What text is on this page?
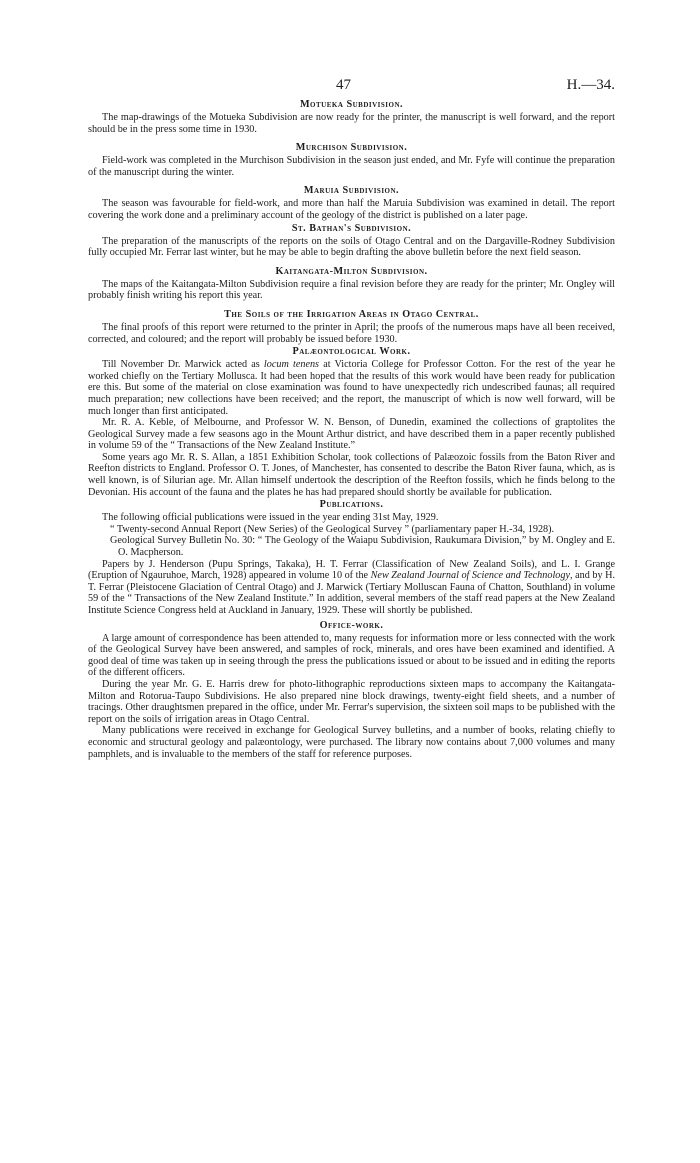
47	H.—34.
Motueka Subdivision.

The map-drawings of the Motueka Subdivision are now ready for the printer, the manuscript is well forward, and the report should be in the press some time in 1930.

Murchison Subdivision.

Field-work was completed in the Murchison Subdivision in the season just ended, and Mr. Fyfe will continue the preparation of the manuscript during the winter.

Maruia Subdivision.

The season was favourable for field-work, and more than half the Maruia Subdivision was examined in detail. The report covering the work done and a preliminary account of the geology of the district is published on a later page.

St. Bathan's Subdivision.

The preparation of the manuscripts of the reports on the soils of Otago Central and on the Dargaville-Rodney Subdivision fully occupied Mr. Ferrar last winter, but he may be able to begin drafting the above bulletin before the next field season.

Kaitangata-Milton Subdivision.

The maps of the Kaitangata-Milton Subdivision require a final revision before they are ready for the printer; Mr. Ongley will probably finish writing his report this year.

The Soils of the Irrigation Areas in Otago Central.

The final proofs of this report were returned to the printer in April; the proofs of the numerous maps have all been received, corrected, and coloured; and the report will probably be issued before 1930.

Palæontological Work.

Till November Dr. Marwick acted as locum tenens at Victoria College for Professor Cotton. For the rest of the year he worked chiefly on the Tertiary Mollusca. It had been hoped that the results of this work would have been ready for publication ere this. But some of the material on close examination was found to have unexpectedly rich undescribed faunas; all required much preparation; new collections have been received; and the report, the manuscript of which is now well forward, will be much longer than first anticipated.

Mr. R. A. Keble, of Melbourne, and Professor W. N. Benson, of Dunedin, examined the collections of graptolites the Geological Survey made a few seasons ago in the Mount Arthur district, and have described them in a paper recently published in volume 59 of the “ Transactions of the New Zealand Institute.”

Some years ago Mr. R. S. Allan, a 1851 Exhibition Scholar, took collections of Palæozoic fossils from the Baton River and Reefton districts to England. Professor O. T. Jones, of Manchester, has consented to describe the Baton River fauna, which, as is well known, is of Silurian age. Mr. Allan himself undertook the description of the Reefton fossils, which he finds belong to the Devonian. His account of the fauna and the plates he has had prepared should shortly be available for publication.

Publications.

The following official publications were issued in the year ending 31st May, 1929.

“ Twenty-second Annual Report (New Series) of the Geological Survey ” (parliamentary paper H.-34, 1928).

Geological Survey Bulletin No. 30: “ The Geology of the Waiapu Subdivision, Raukumara Division,” by M. Ongley and E. O. Macpherson.

Papers by J. Henderson (Pupu Springs, Takaka), H. T. Ferrar (Classification of New Zealand Soils), and L. I. Grange (Eruption of Ngauruhoe, March, 1928) appeared in volume 10 of the New Zealand Journal of Science and Technology, and by H. T. Ferrar (Pleistocene Glaciation of Central Otago) and J. Marwick (Tertiary Molluscan Fauna of Chatton, Southland) in volume 59 of the “ Transactions of the New Zealand Institute.” In addition, several members of the staff read papers at the New Zealand Institute Science Congress held at Auckland in January, 1929. These will shortly be published.

Office-work.

A large amount of correspondence has been attended to, many requests for information more or less connected with the work of the Geological Survey have been answered, and samples of rock, minerals, and ores have been examined and identified. A good deal of time was taken up in seeing through the press the publications issued or about to be issued and in editing the reports of the different officers.

During the year Mr. G. E. Harris drew for photo-lithographic reproductions sixteen maps to accompany the Kaitangata-Milton and Rotorua-Taupo Subdivisions. He also prepared nine block drawings, twenty-eight field sheets, and a number of tracings. Other draughtsmen prepared in the office, under Mr. Ferrar's supervision, the sixteen soil maps to be published with the report on the soils of irrigation areas in Otago Central.

Many publications were received in exchange for Geological Survey bulletins, and a number of books, relating chiefly to economic and structural geology and palæontology, were purchased. The library now contains about 7,000 volumes and many pamphlets, and is invaluable to the members of the staff for reference purposes.
